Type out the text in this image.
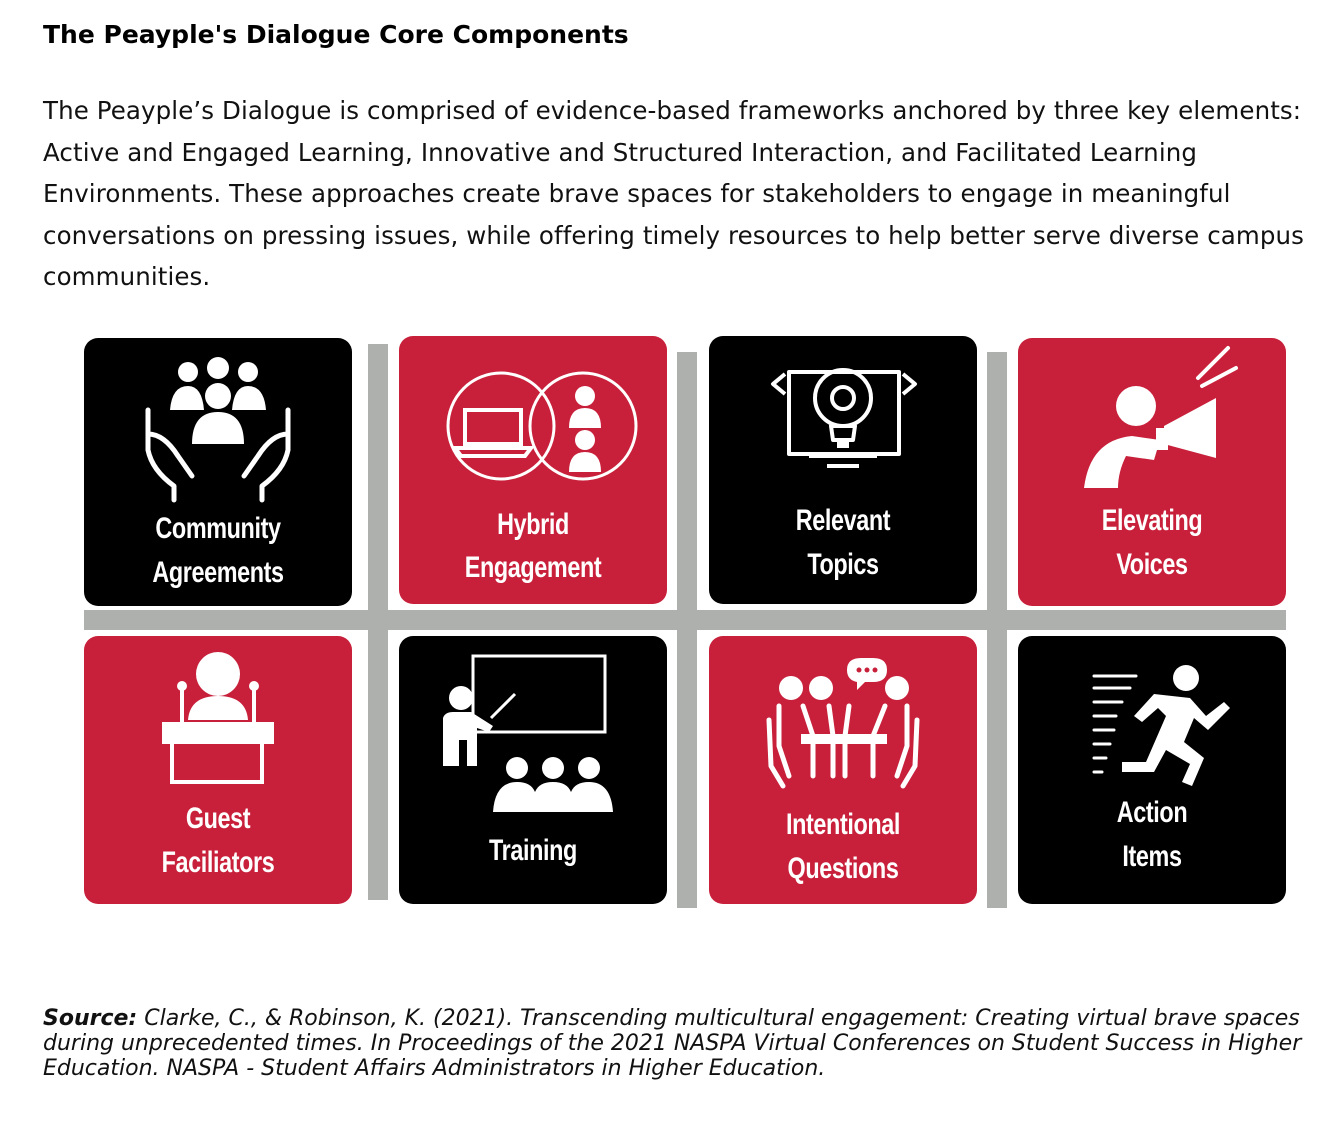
The Peayple's Dialogue Core Components

The Peayple’s Dialogue is comprised of evidence-based frameworks anchored by three key elements: Active and Engaged Learning, Innovative and Structured Interaction, and Facilitated Learning Environments. These approaches create brave spaces for stakeholders to engage in meaningful conversations on pressing issues, while offering timely resources to help better serve diverse campus communities.

Community
Agreements
Hybrid
Engagement
Relevant
Topics
Elevating
Voices
Guest
Faciliators	Training
Intentional
Questions
Action
Items

Source: Clarke, C., & Robinson, K. (2021). Transcending multicultural engagement: Creating virtual brave spaces during unprecedented times. In Proceedings of the 2021 NASPA Virtual Conferences on Student Success in Higher Education. NASPA - Student Affairs Administrators in Higher Education.
